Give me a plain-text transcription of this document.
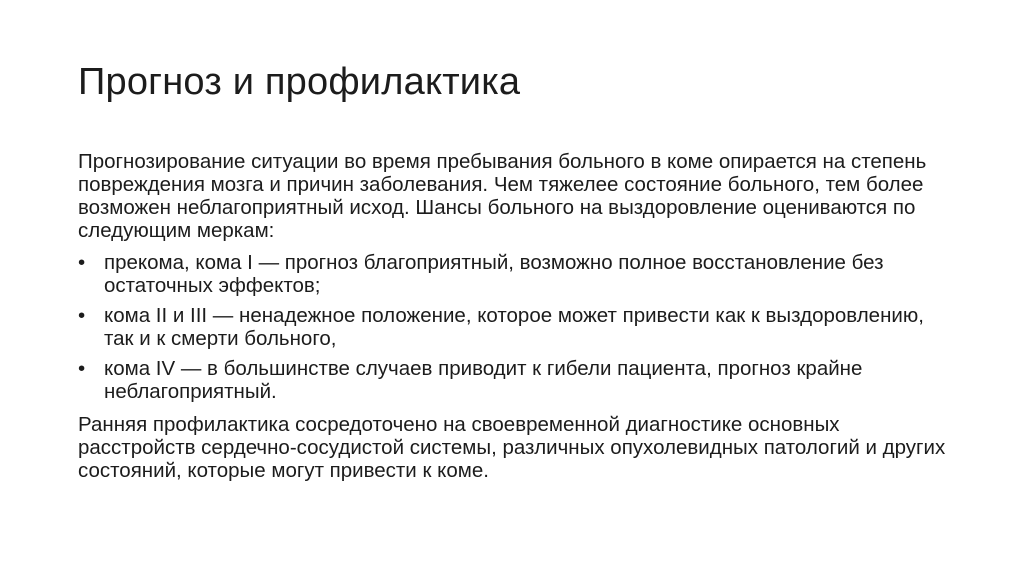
Прогноз и профилактика

Прогнозирование ситуации во время пребывания больного в коме опирается на степень повреждения мозга и причин заболевания. Чем тяжелее состояние больного, тем более возможен неблагоприятный исход. Шансы больного на выздоровление оцениваются по следующим меркам:

• прекома, кома I — прогноз благоприятный, возможно полное восстановление без остаточных эффектов;
• кома II и III — ненадежное положение, которое может привести как к выздоровлению, так и к смерти больного,
• кома IV — в большинстве случаев приводит к гибели пациента, прогноз крайне неблагоприятный.

Ранняя профилактика сосредоточено на своевременной диагностике основных расстройств сердечно-сосудистой системы, различных опухолевидных патологий и других состояний, которые могут привести к коме.
